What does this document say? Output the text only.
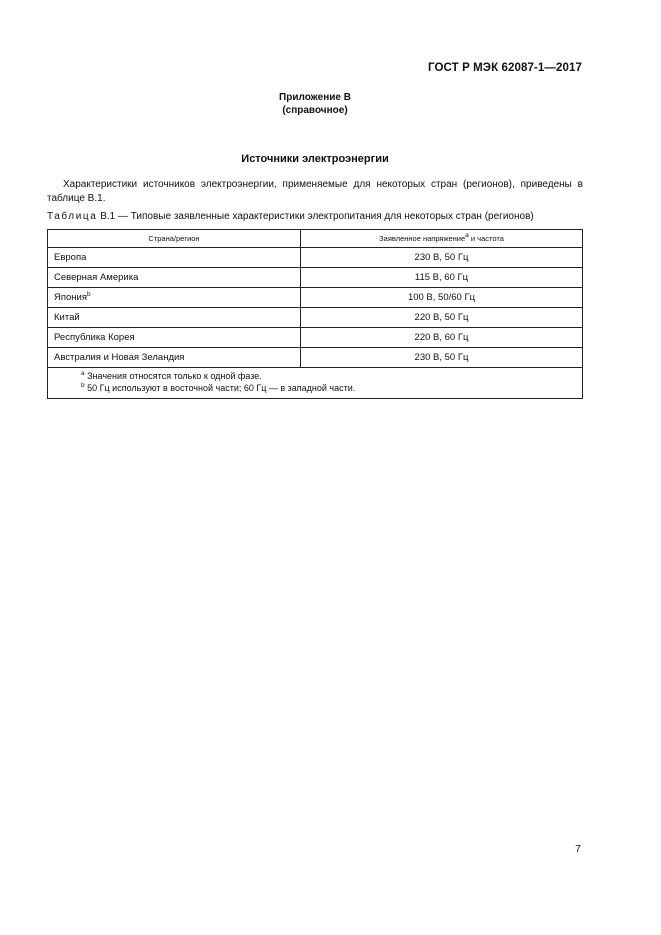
ГОСТ Р МЭК 62087-1—2017
Приложение В
(справочное)
Источники электроэнергии
Характеристики источников электроэнергии, применяемые для некоторых стран (регионов), приведены в таблице В.1.
Таблица В.1 — Типовые заявленные характеристики электропитания для некоторых стран (регионов)
Страна/регион	Заявленное напряжение$^а$ и частота
Европа	230 В, 50 Гц
Северная Америка	115 В, 60 Гц
Япония$^b$	100 В, 50/60 Гц
Китай	220 В, 50 Гц
Республика Корея	220 В, 60 Гц
Австралия и Новая Зеландия	230 В, 50 Гц

$^а$ Значения относятся только к одной фазе.
$^b$ 50 Гц используют в восточной части; 60 Гц — в западной части.	
7
